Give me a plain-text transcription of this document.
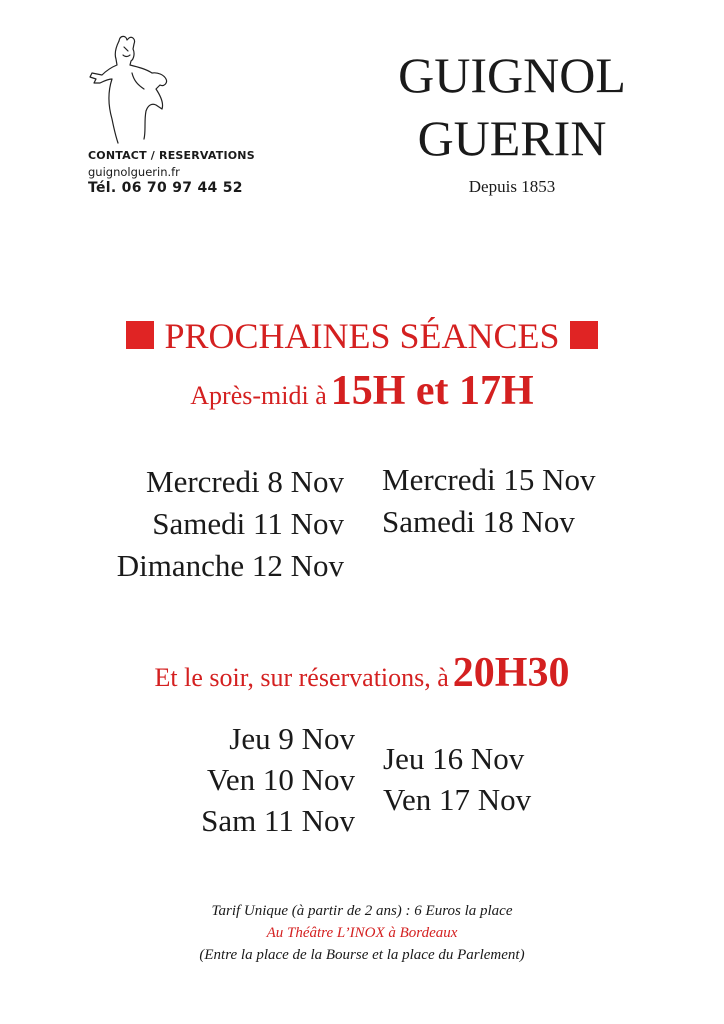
CONTACT / RESERVATIONS
guignolguerin.fr
Tél. 06 70 97 44 52
GUIGNOL
GUERIN
Depuis 1853
PROCHAINES SÉANCES
Après-midi à 15H et 17H
Mercredi 8 Nov
Samedi 11 Nov
Dimanche 12 Nov
Mercredi 15 Nov
Samedi 18 Nov
Et le soir, sur réservations, à 20H30
Jeu 9 Nov
Ven 10 Nov
Sam 11 Nov
Jeu 16 Nov
Ven 17 Nov
Tarif Unique (à partir de 2 ans) : 6 Euros la place
Au Théâtre L’INOX à Bordeaux
(Entre la place de la Bourse et la place du Parlement)
